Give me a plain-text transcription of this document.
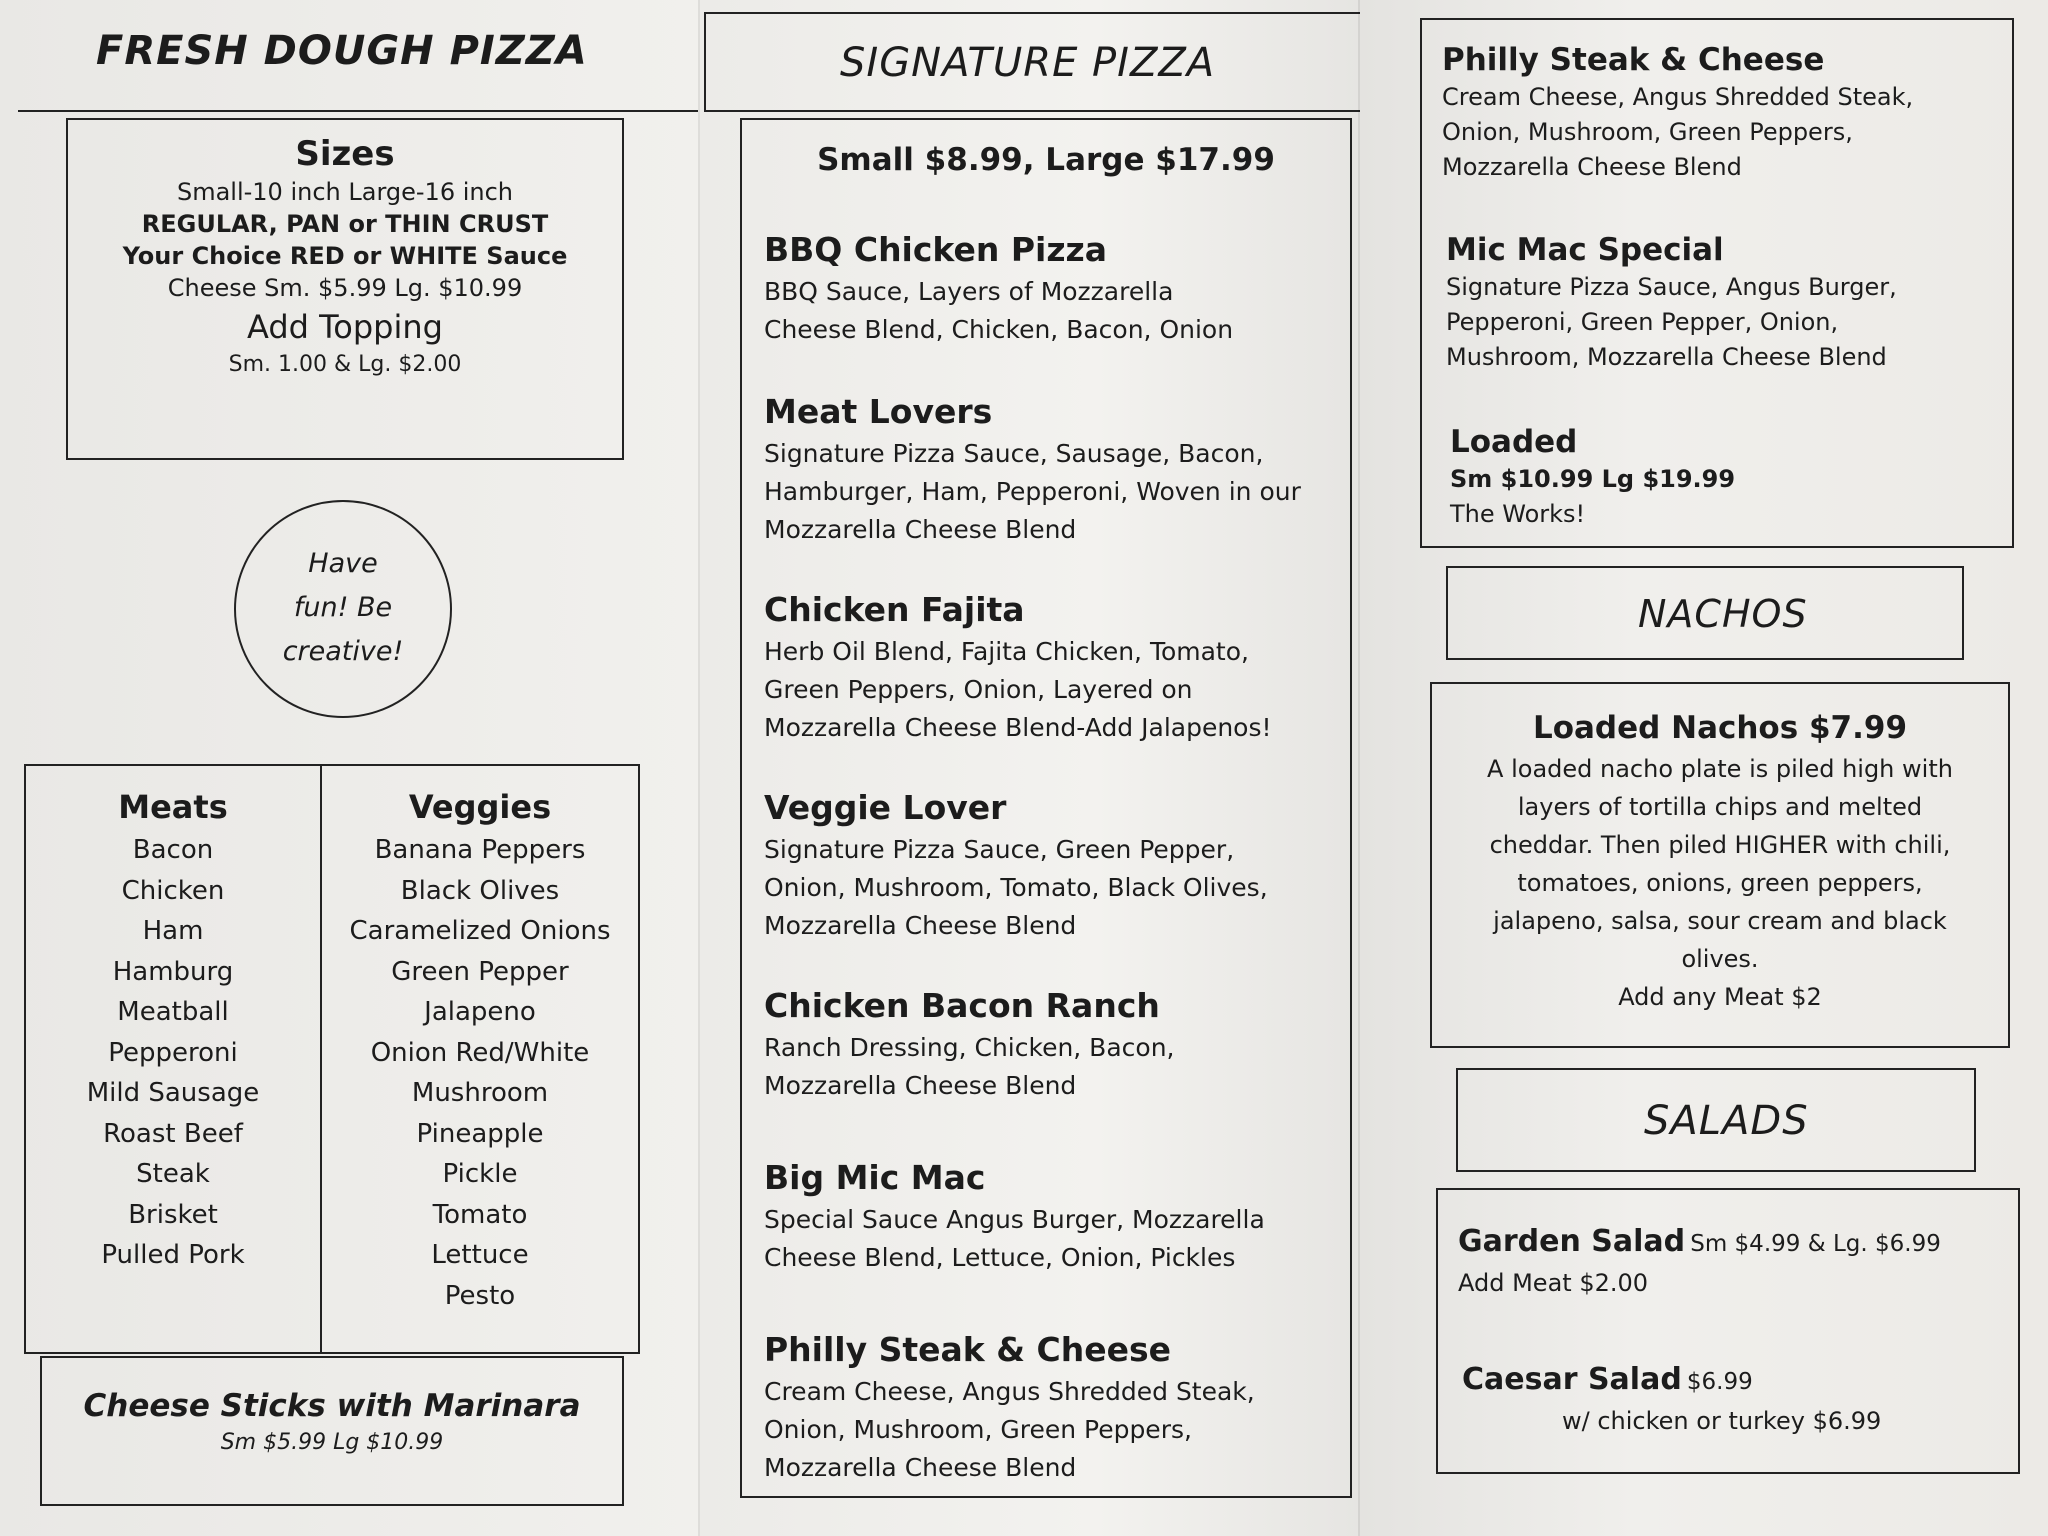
FRESH DOUGH PIZZA
Sizes
Small-10 inch Large-16 inch
REGULAR, PAN or THIN CRUST
Your Choice RED or WHITE Sauce
Cheese Sm. $5.99 Lg. $10.99
Add Topping
Sm. 1.00 & Lg. $2.00
Have
fun! Be
creative!
Meats
Bacon
Chicken
Ham
Hamburg
Meatball
Pepperoni
Mild Sausage
Roast Beef
Steak
Brisket
Pulled Pork
Veggies
Banana Peppers
Black Olives
Caramelized Onions
Green Pepper
Jalapeno
Onion Red/White
Mushroom
Pineapple
Pickle
Tomato
Lettuce
Pesto
Cheese Sticks with Marinara
Sm $5.99 Lg $10.99
SIGNATURE PIZZA
Small $8.99, Large $17.99
BBQ Chicken Pizza
BBQ Sauce, Layers of Mozzarella
Cheese Blend, Chicken, Bacon, Onion
Meat Lovers
Signature Pizza Sauce, Sausage, Bacon,
Hamburger, Ham, Pepperoni, Woven in our
Mozzarella Cheese Blend
Chicken Fajita
Herb Oil Blend, Fajita Chicken, Tomato,
Green Peppers, Onion, Layered on
Mozzarella Cheese Blend-Add Jalapenos!
Veggie Lover
Signature Pizza Sauce, Green Pepper,
Onion, Mushroom, Tomato, Black Olives,
Mozzarella Cheese Blend
Chicken Bacon Ranch
Ranch Dressing, Chicken, Bacon,
Mozzarella Cheese Blend
Big Mic Mac
Special Sauce Angus Burger, Mozzarella
Cheese Blend, Lettuce, Onion, Pickles
Philly Steak & Cheese
Cream Cheese, Angus Shredded Steak,
Onion, Mushroom, Green Peppers,
Mozzarella Cheese Blend
Philly Steak & Cheese
Cream Cheese, Angus Shredded Steak,
Onion, Mushroom, Green Peppers,
Mozzarella Cheese Blend
Mic Mac Special
Signature Pizza Sauce, Angus Burger,
Pepperoni, Green Pepper, Onion,
Mushroom, Mozzarella Cheese Blend
Loaded
Sm $10.99 Lg $19.99
The Works!
NACHOS
Loaded Nachos $7.99
A loaded nacho plate is piled high with
layers of tortilla chips and melted
cheddar. Then piled HIGHER with chili,
tomatoes, onions, green peppers,
jalapeno, salsa, sour cream and black
olives.
Add any Meat $2
SALADS
Garden Salad Sm $4.99 & Lg. $6.99
Add Meat $2.00
Caesar Salad $6.99
w/ chicken or turkey $6.99
